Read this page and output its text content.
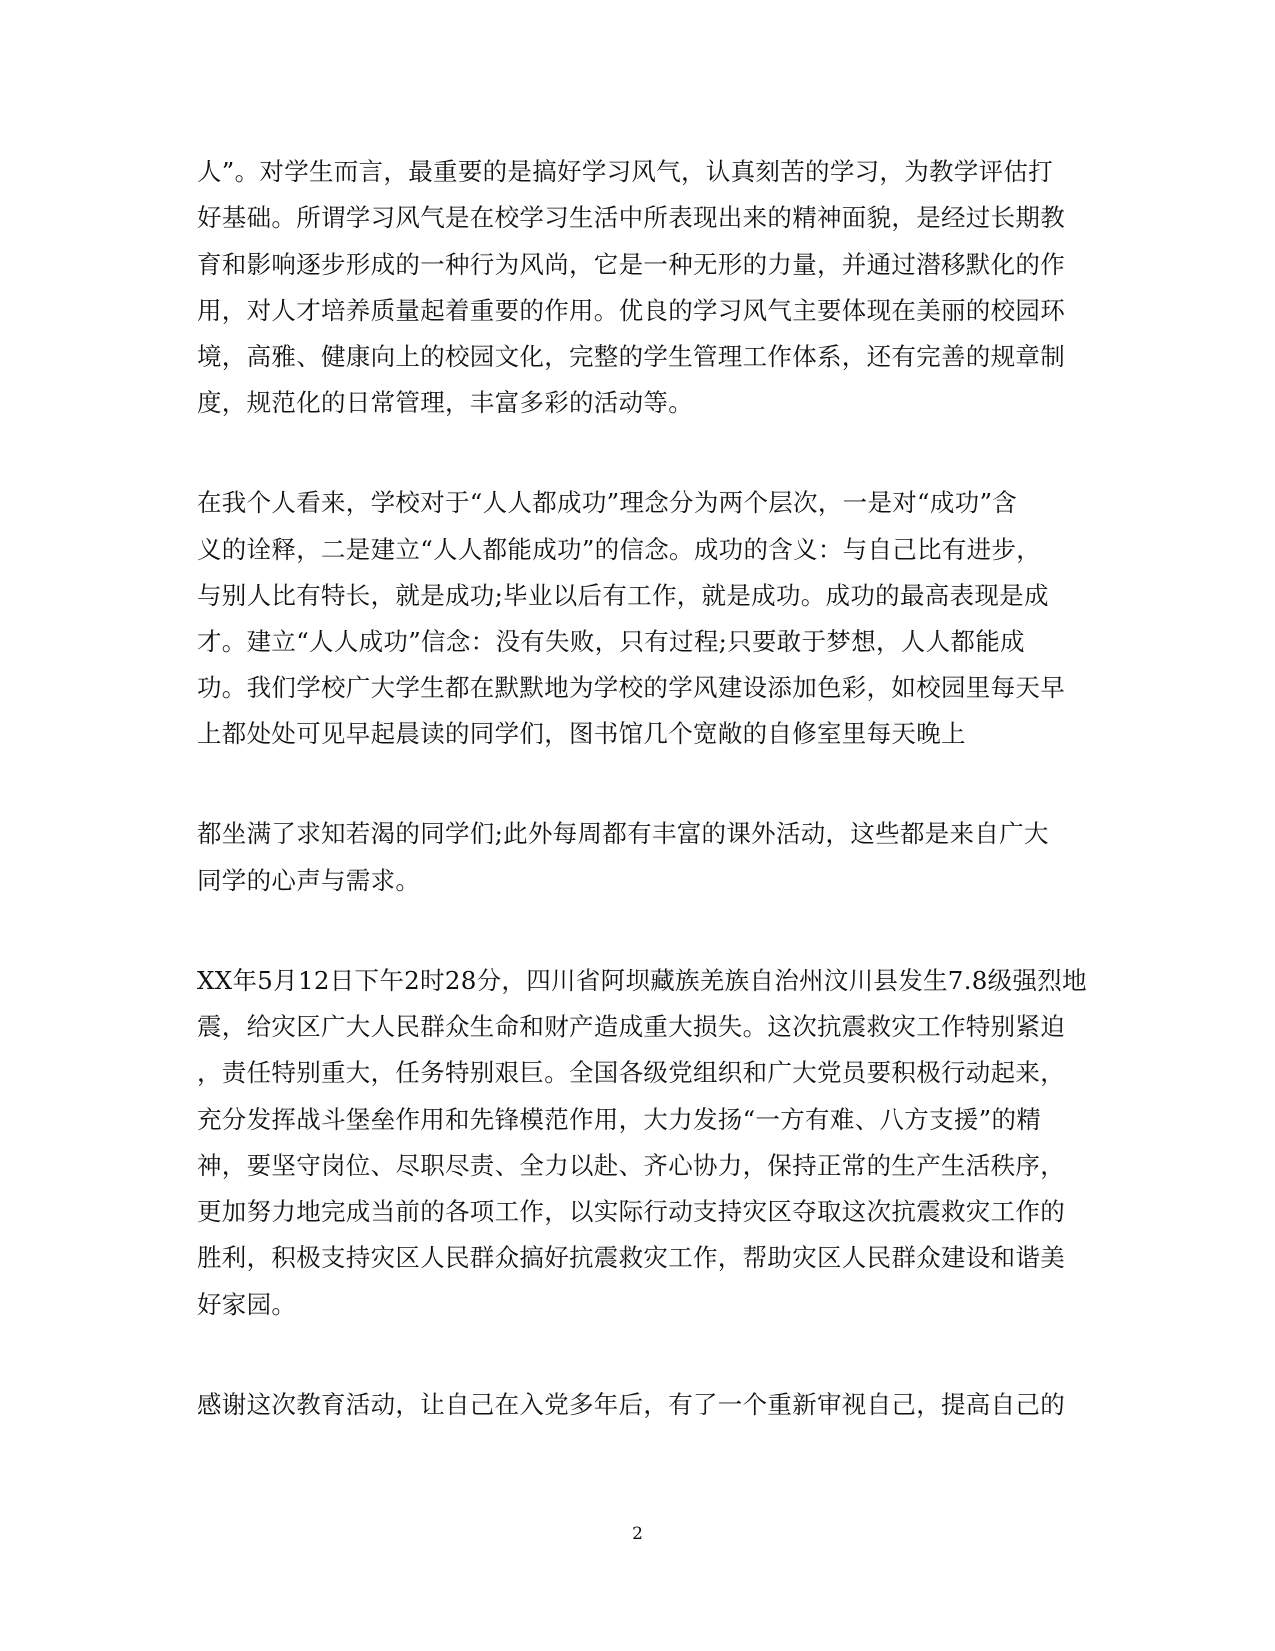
人”。对学生而言，最重要的是搞好学习风气，认真刻苦的学习，为教学评估打
好基础。所谓学习风气是在校学习生活中所表现出来的精神面貌，是经过长期教
育和影响逐步形成的一种行为风尚，它是一种无形的力量，并通过潜移默化的作
用，对人才培养质量起着重要的作用。优良的学习风气主要体现在美丽的校园环
境，高雅、健康向上的校园文化，完整的学生管理工作体系，还有完善的规章制
度，规范化的日常管理，丰富多彩的活动等。
在我个人看来，学校对于“人人都成功”理念分为两个层次，一是对“成功”含
义的诠释，二是建立“人人都能成功”的信念。成功的含义：与自己比有进步，
与别人比有特长，就是成功;毕业以后有工作，就是成功。成功的最高表现是成
才。建立“人人成功”信念：没有失败，只有过程;只要敢于梦想，人人都能成
功。我们学校广大学生都在默默地为学校的学风建设添加色彩，如校园里每天早
上都处处可见早起晨读的同学们，图书馆几个宽敞的自修室里每天晚上
都坐满了求知若渴的同学们;此外每周都有丰富的课外活动，这些都是来自广大
同学的心声与需求。
XX年5月12日下午2时28分，四川省阿坝藏族羌族自治州汶川县发生7.8级强烈地
震，给灾区广大人民群众生命和财产造成重大损失。这次抗震救灾工作特别紧迫
，责任特别重大，任务特别艰巨。全国各级党组织和广大党员要积极行动起来，
充分发挥战斗堡垒作用和先锋模范作用，大力发扬“一方有难、八方支援”的精
神，要坚守岗位、尽职尽责、全力以赴、齐心协力，保持正常的生产生活秩序，
更加努力地完成当前的各项工作，以实际行动支持灾区夺取这次抗震救灾工作的
胜利，积极支持灾区人民群众搞好抗震救灾工作，帮助灾区人民群众建设和谐美
好家园。
感谢这次教育活动，让自己在入党多年后，有了一个重新审视自己，提高自己的
2
